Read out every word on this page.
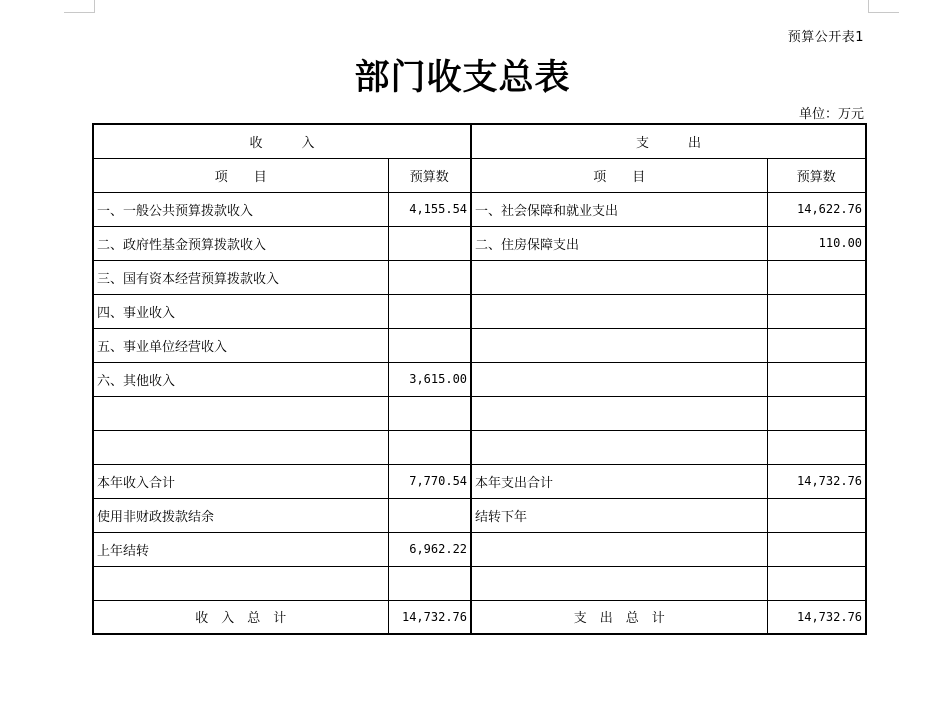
预算公开表1
部门收支总表
单位：万元
收　　　入		支　　　出	
项　　目	预算数	项　　目	预算数
一、一般公共预算拨款收入	4,155.54	一、社会保障和就业支出	14,622.76
二、政府性基金预算拨款收入		二、住房保障支出	110.00
三、国有资本经营预算拨款收入			
四、事业收入			
五、事业单位经营收入			
六、其他收入	3,615.00		

本年收入合计	7,770.54	本年支出合计	14,732.76
使用非财政拨款结余		结转下年	
上年结转	6,962.22		

收　入　总　计	14,732.76	支　出　总　计	14,732.76
